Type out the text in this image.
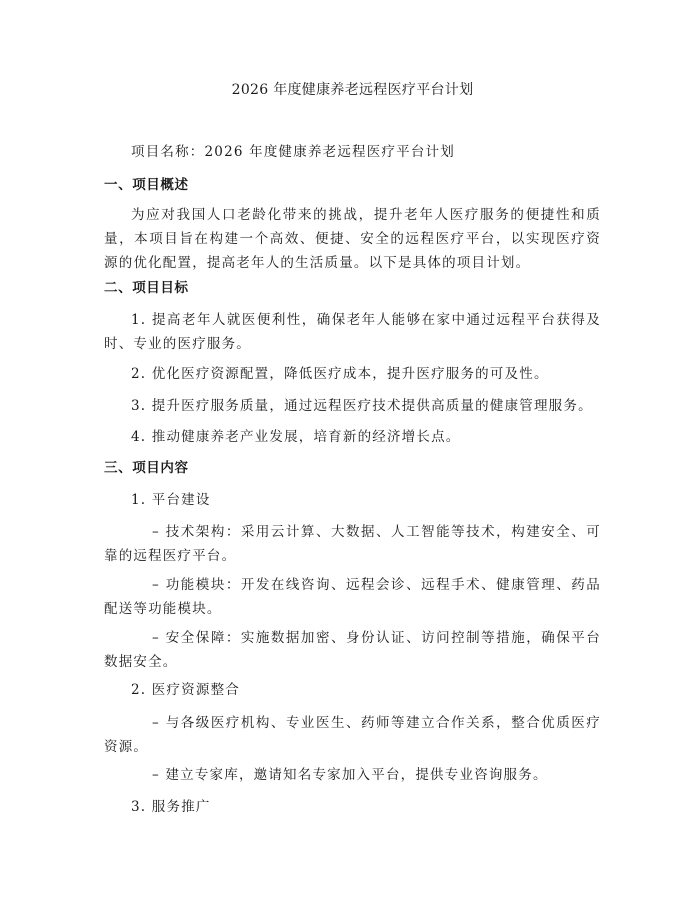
2026 年度健康养老远程医疗平台计划
项目名称：2026 年度健康养老远程医疗平台计划
一、项目概述
为应对我国人口老龄化带来的挑战，提升老年人医疗服务的便捷性和质量，本项目旨在构建一个高效、便捷、安全的远程医疗平台，以实现医疗资源的优化配置，提高老年人的生活质量。以下是具体的项目计划。
二、项目目标
1. 提高老年人就医便利性，确保老年人能够在家中通过远程平台获得及时、专业的医疗服务。
2. 优化医疗资源配置，降低医疗成本，提升医疗服务的可及性。
3. 提升医疗服务质量，通过远程医疗技术提供高质量的健康管理服务。
4. 推动健康养老产业发展，培育新的经济增长点。
三、项目内容
1. 平台建设
– 技术架构：采用云计算、大数据、人工智能等技术，构建安全、可靠的远程医疗平台。
– 功能模块：开发在线咨询、远程会诊、远程手术、健康管理、药品配送等功能模块。
– 安全保障：实施数据加密、身份认证、访问控制等措施，确保平台数据安全。
2. 医疗资源整合
– 与各级医疗机构、专业医生、药师等建立合作关系，整合优质医疗资源。
– 建立专家库，邀请知名专家加入平台，提供专业咨询服务。
3. 服务推广
